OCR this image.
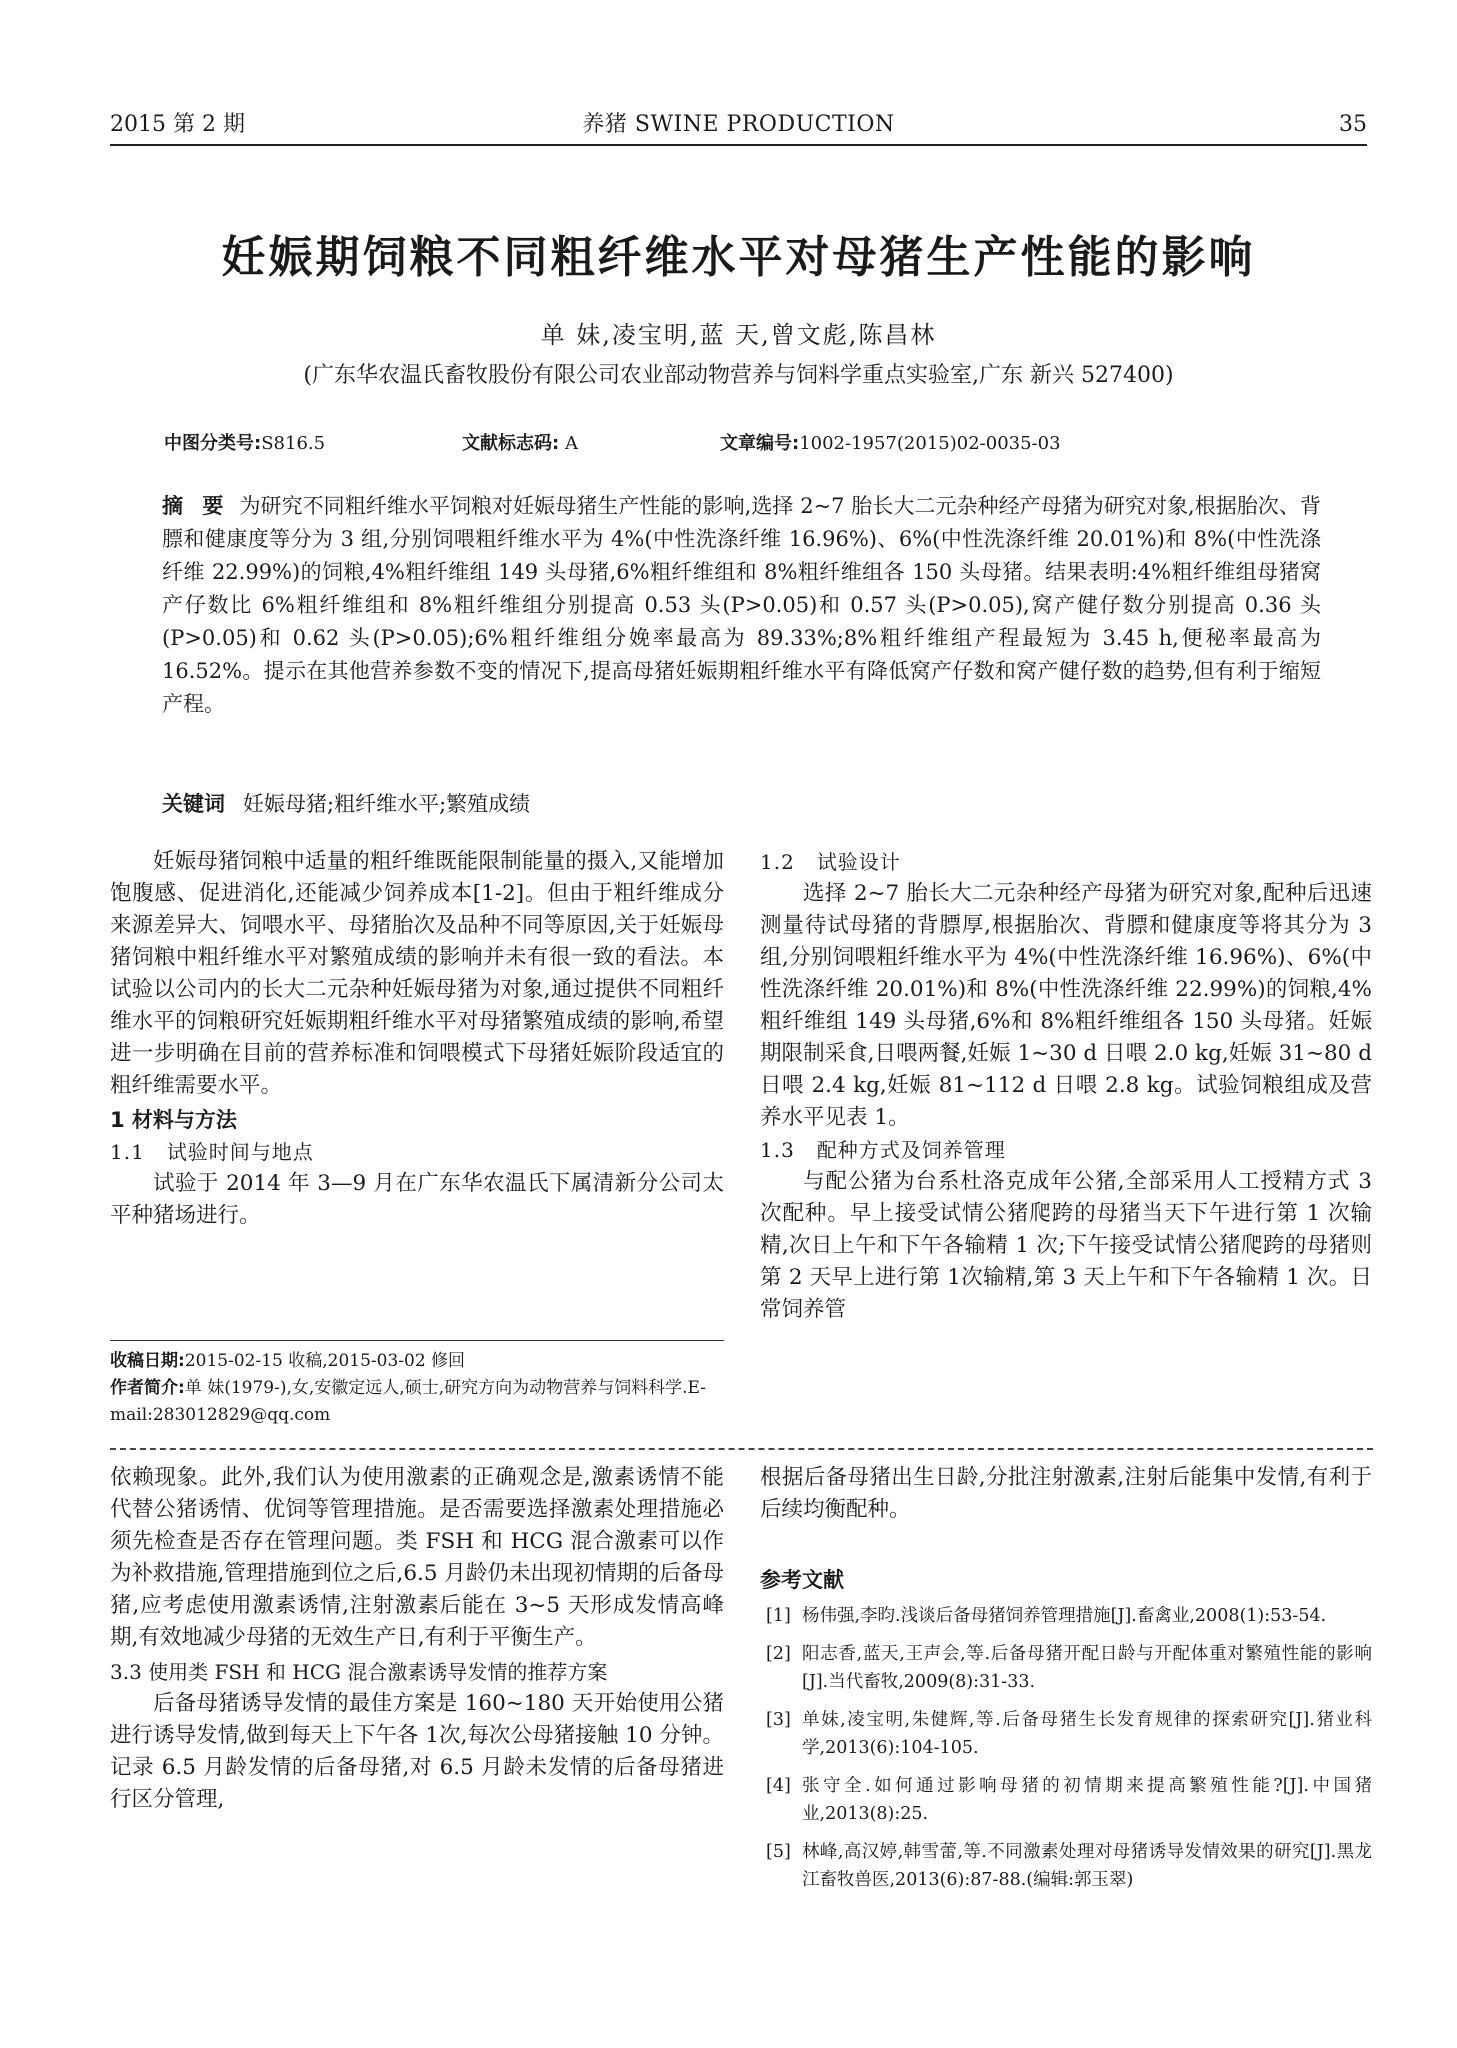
2015 第 2 期	养猪 SWINE PRODUCTION	35
妊娠期饲粮不同粗纤维水平对母猪生产性能的影响
单 妹,凌宝明,蓝 天,曾文彪,陈昌林
(广东华农温氏畜牧股份有限公司农业部动物营养与饲料学重点实验室,广东 新兴 527400)
中图分类号:S816.5	文献标志码: A	文章编号:1002-1957(2015)02-0035-03
摘 要 为研究不同粗纤维水平饲粮对妊娠母猪生产性能的影响,选择 2~7 胎长大二元杂种经产母猪为研究对象,根据胎次、背膘和健康度等分为 3 组,分别饲喂粗纤维水平为 4%(中性洗涤纤维 16.96%)、6%(中性洗涤纤维 20.01%)和 8%(中性洗涤纤维 22.99%)的饲粮,4%粗纤维组 149 头母猪,6%粗纤维组和 8%粗纤维组各 150 头母猪。结果表明:4%粗纤维组母猪窝产仔数比 6%粗纤维组和 8%粗纤维组分别提高 0.53 头(P>0.05)和 0.57 头(P>0.05),窝产健仔数分别提高 0.36 头(P>0.05)和 0.62 头(P>0.05);6%粗纤维组分娩率最高为 89.33%;8%粗纤维组产程最短为 3.45 h,便秘率最高为 16.52%。提示在其他营养参数不变的情况下,提高母猪妊娠期粗纤维水平有降低窝产仔数和窝产健仔数的趋势,但有利于缩短产程。
关键词 妊娠母猪;粗纤维水平;繁殖成绩

妊娠母猪饲粮中适量的粗纤维既能限制能量的摄入,又能增加饱腹感、促进消化,还能减少饲养成本[1-2]。但由于粗纤维成分来源差异大、饲喂水平、母猪胎次及品种不同等原因,关于妊娠母猪饲粮中粗纤维水平对繁殖成绩的影响并未有很一致的看法。本试验以公司内的长大二元杂种妊娠母猪为对象,通过提供不同粗纤维水平的饲粮研究妊娠期粗纤维水平对母猪繁殖成绩的影响,希望进一步明确在目前的营养标准和饲喂模式下母猪妊娠阶段适宜的粗纤维需要水平。

1 材料与方法
1.1 试验时间与地点

试验于 2014 年 3—9 月在广东华农温氏下属清新分公司太平种猪场进行。

1.2 试验设计

选择 2~7 胎长大二元杂种经产母猪为研究对象,配种后迅速测量待试母猪的背膘厚,根据胎次、背膘和健康度等将其分为 3 组,分别饲喂粗纤维水平为 4%(中性洗涤纤维 16.96%)、6%(中性洗涤纤维 20.01%)和 8%(中性洗涤纤维 22.99%)的饲粮,4%粗纤维组 149 头母猪,6%和 8%粗纤维组各 150 头母猪。妊娠期限制采食,日喂两餐,妊娠 1~30 d 日喂 2.0 kg,妊娠 31~80 d 日喂 2.4 kg,妊娠 81~112 d 日喂 2.8 kg。试验饲粮组成及营养水平见表 1。

1.3 配种方式及饲养管理

与配公猪为台系杜洛克成年公猪,全部采用人工授精方式 3 次配种。早上接受试情公猪爬跨的母猪当天下午进行第 1 次输精,次日上午和下午各输精 1 次;下午接受试情公猪爬跨的母猪则第 2 天早上进行第 1次输精,第 3 天上午和下午各输精 1 次。日常饲养管

收稿日期:2015-02-15 收稿,2015-03-02 修回
作者简介:单 妹(1979-),女,安徽定远人,硕士,研究方向为动物营养与饲料科学.E-mail:283012829@qq.com

依赖现象。此外,我们认为使用激素的正确观念是,激素诱情不能代替公猪诱情、优饲等管理措施。是否需要选择激素处理措施必须先检查是否存在管理问题。类 FSH 和 HCG 混合激素可以作为补救措施,管理措施到位之后,6.5 月龄仍未出现初情期的后备母猪,应考虑使用激素诱情,注射激素后能在 3~5 天形成发情高峰期,有效地减少母猪的无效生产日,有利于平衡生产。

3.3 使用类 FSH 和 HCG 混合激素诱导发情的推荐方案

后备母猪诱导发情的最佳方案是 160~180 天开始使用公猪进行诱导发情,做到每天上下午各 1次,每次公母猪接触 10 分钟。记录 6.5 月龄发情的后备母猪,对 6.5 月龄未发情的后备母猪进行区分管理,

根据后备母猪出生日龄,分批注射激素,注射后能集中发情,有利于后续均衡配种。

参考文献
[1] 杨伟强,李昀.浅谈后备母猪饲养管理措施[J].畜禽业,2008(1):53-54.
[2] 阳志香,蓝天,王声会,等.后备母猪开配日龄与开配体重对繁殖性能的影响[J].当代畜牧,2009(8):31-33.
[3] 单妹,凌宝明,朱健辉,等.后备母猪生长发育规律的探索研究[J].猪业科学,2013(6):104-105.
[4] 张守全.如何通过影响母猪的初情期来提高繁殖性能?[J].中国猪业,2013(8):25.
[5] 林峰,高汉婷,韩雪蕾,等.不同激素处理对母猪诱导发情效果的研究[J].黑龙江畜牧兽医,2013(6):87-88.(编辑:郭玉翠)
